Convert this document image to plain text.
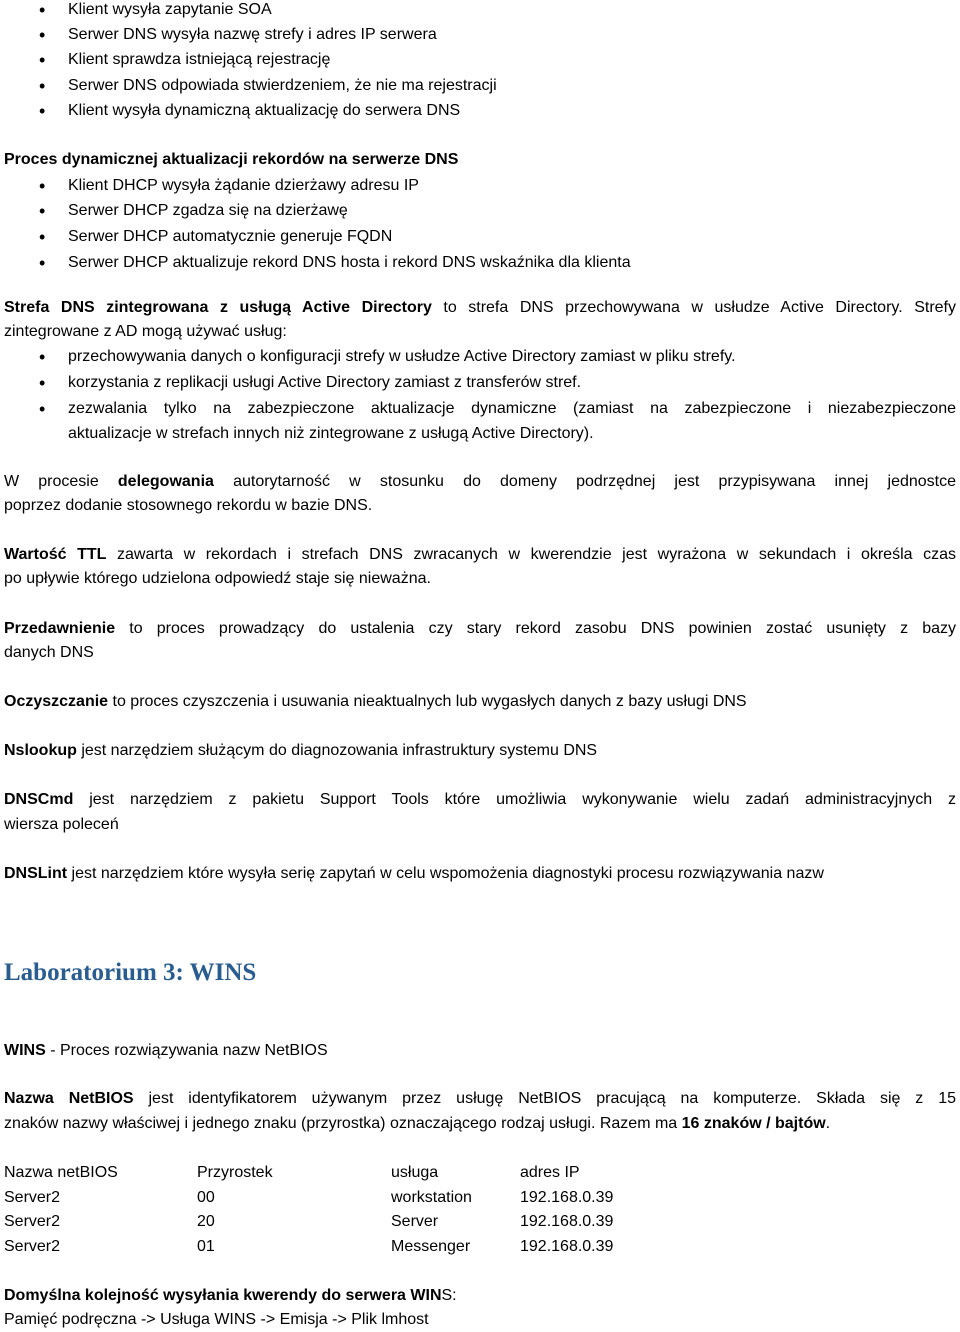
• Klient wysyła zapytanie SOA
• Serwer DNS wysyła nazwę strefy i adres IP serwera
• Klient sprawdza istniejącą rejestrację
• Serwer DNS odpowiada stwierdzeniem, że nie ma rejestracji
• Klient wysyła dynamiczną aktualizację do serwera DNS
Proces dynamicznej aktualizacji rekordów na serwerze DNS
• Klient DHCP wysyła żądanie dzierżawy adresu IP
• Serwer DHCP zgadza się na dzierżawę
• Serwer DHCP automatycznie generuje FQDN
• Serwer DHCP aktualizuje rekord DNS hosta i rekord DNS wskaźnika dla klienta
Strefa DNS zintegrowana z usługą Active Directory to strefa DNS przechowywana w usłudze Active Directory. Strefy
zintegrowane z AD mogą używać usług:
• przechowywania danych o konfiguracji strefy w usłudze Active Directory zamiast w pliku strefy.
• korzystania z replikacji usługi Active Directory zamiast z transferów stref.
• zezwalania tylko na zabezpieczone aktualizacje dynamiczne (zamiast na zabezpieczone i niezabezpieczone
aktualizacje w strefach innych niż zintegrowane z usługą Active Directory).
W procesie delegowania autorytarność w stosunku do domeny podrzędnej jest przypisywana innej jednostce
poprzez dodanie stosownego rekordu w bazie DNS.
Wartość TTL zawarta w rekordach i strefach DNS zwracanych w kwerendzie jest wyrażona w sekundach i określa czas
po upływie którego udzielona odpowiedź staje się nieważna.
Przedawnienie to proces prowadzący do ustalenia czy stary rekord zasobu DNS powinien zostać usunięty z bazy
danych DNS
Oczyszczanie to proces czyszczenia i usuwania nieaktualnych lub wygasłych danych z bazy usługi DNS
Nslookup jest narzędziem służącym do diagnozowania infrastruktury systemu DNS
DNSCmd jest narzędziem z pakietu Support Tools które umożliwia wykonywanie wielu zadań administracyjnych z
wiersza poleceń
DNSLint jest narzędziem które wysyła serię zapytań w celu wspomożenia diagnostyki procesu rozwiązywania nazw
Laboratorium 3: WINS
WINS - Proces rozwiązywania nazw NetBIOS
Nazwa NetBIOS jest identyfikatorem używanym przez usługę NetBIOS pracującą na komputerze. Składa się z 15
znaków nazwy właściwej i jednego znaku (przyrostka) oznaczającego rodzaj usługi. Razem ma 16 znaków / bajtów.
Nazwa netBIOS	Przyrostek	usługa	adres IP
Server2	00	workstation	192.168.0.39
Server2	20	Server	192.168.0.39
Server2	01	Messenger	192.168.0.39
Domyślna kolejność wysyłania kwerendy do serwera WINS:
Pamięć podręczna -> Usługa WINS -> Emisja -> Plik lmhost
